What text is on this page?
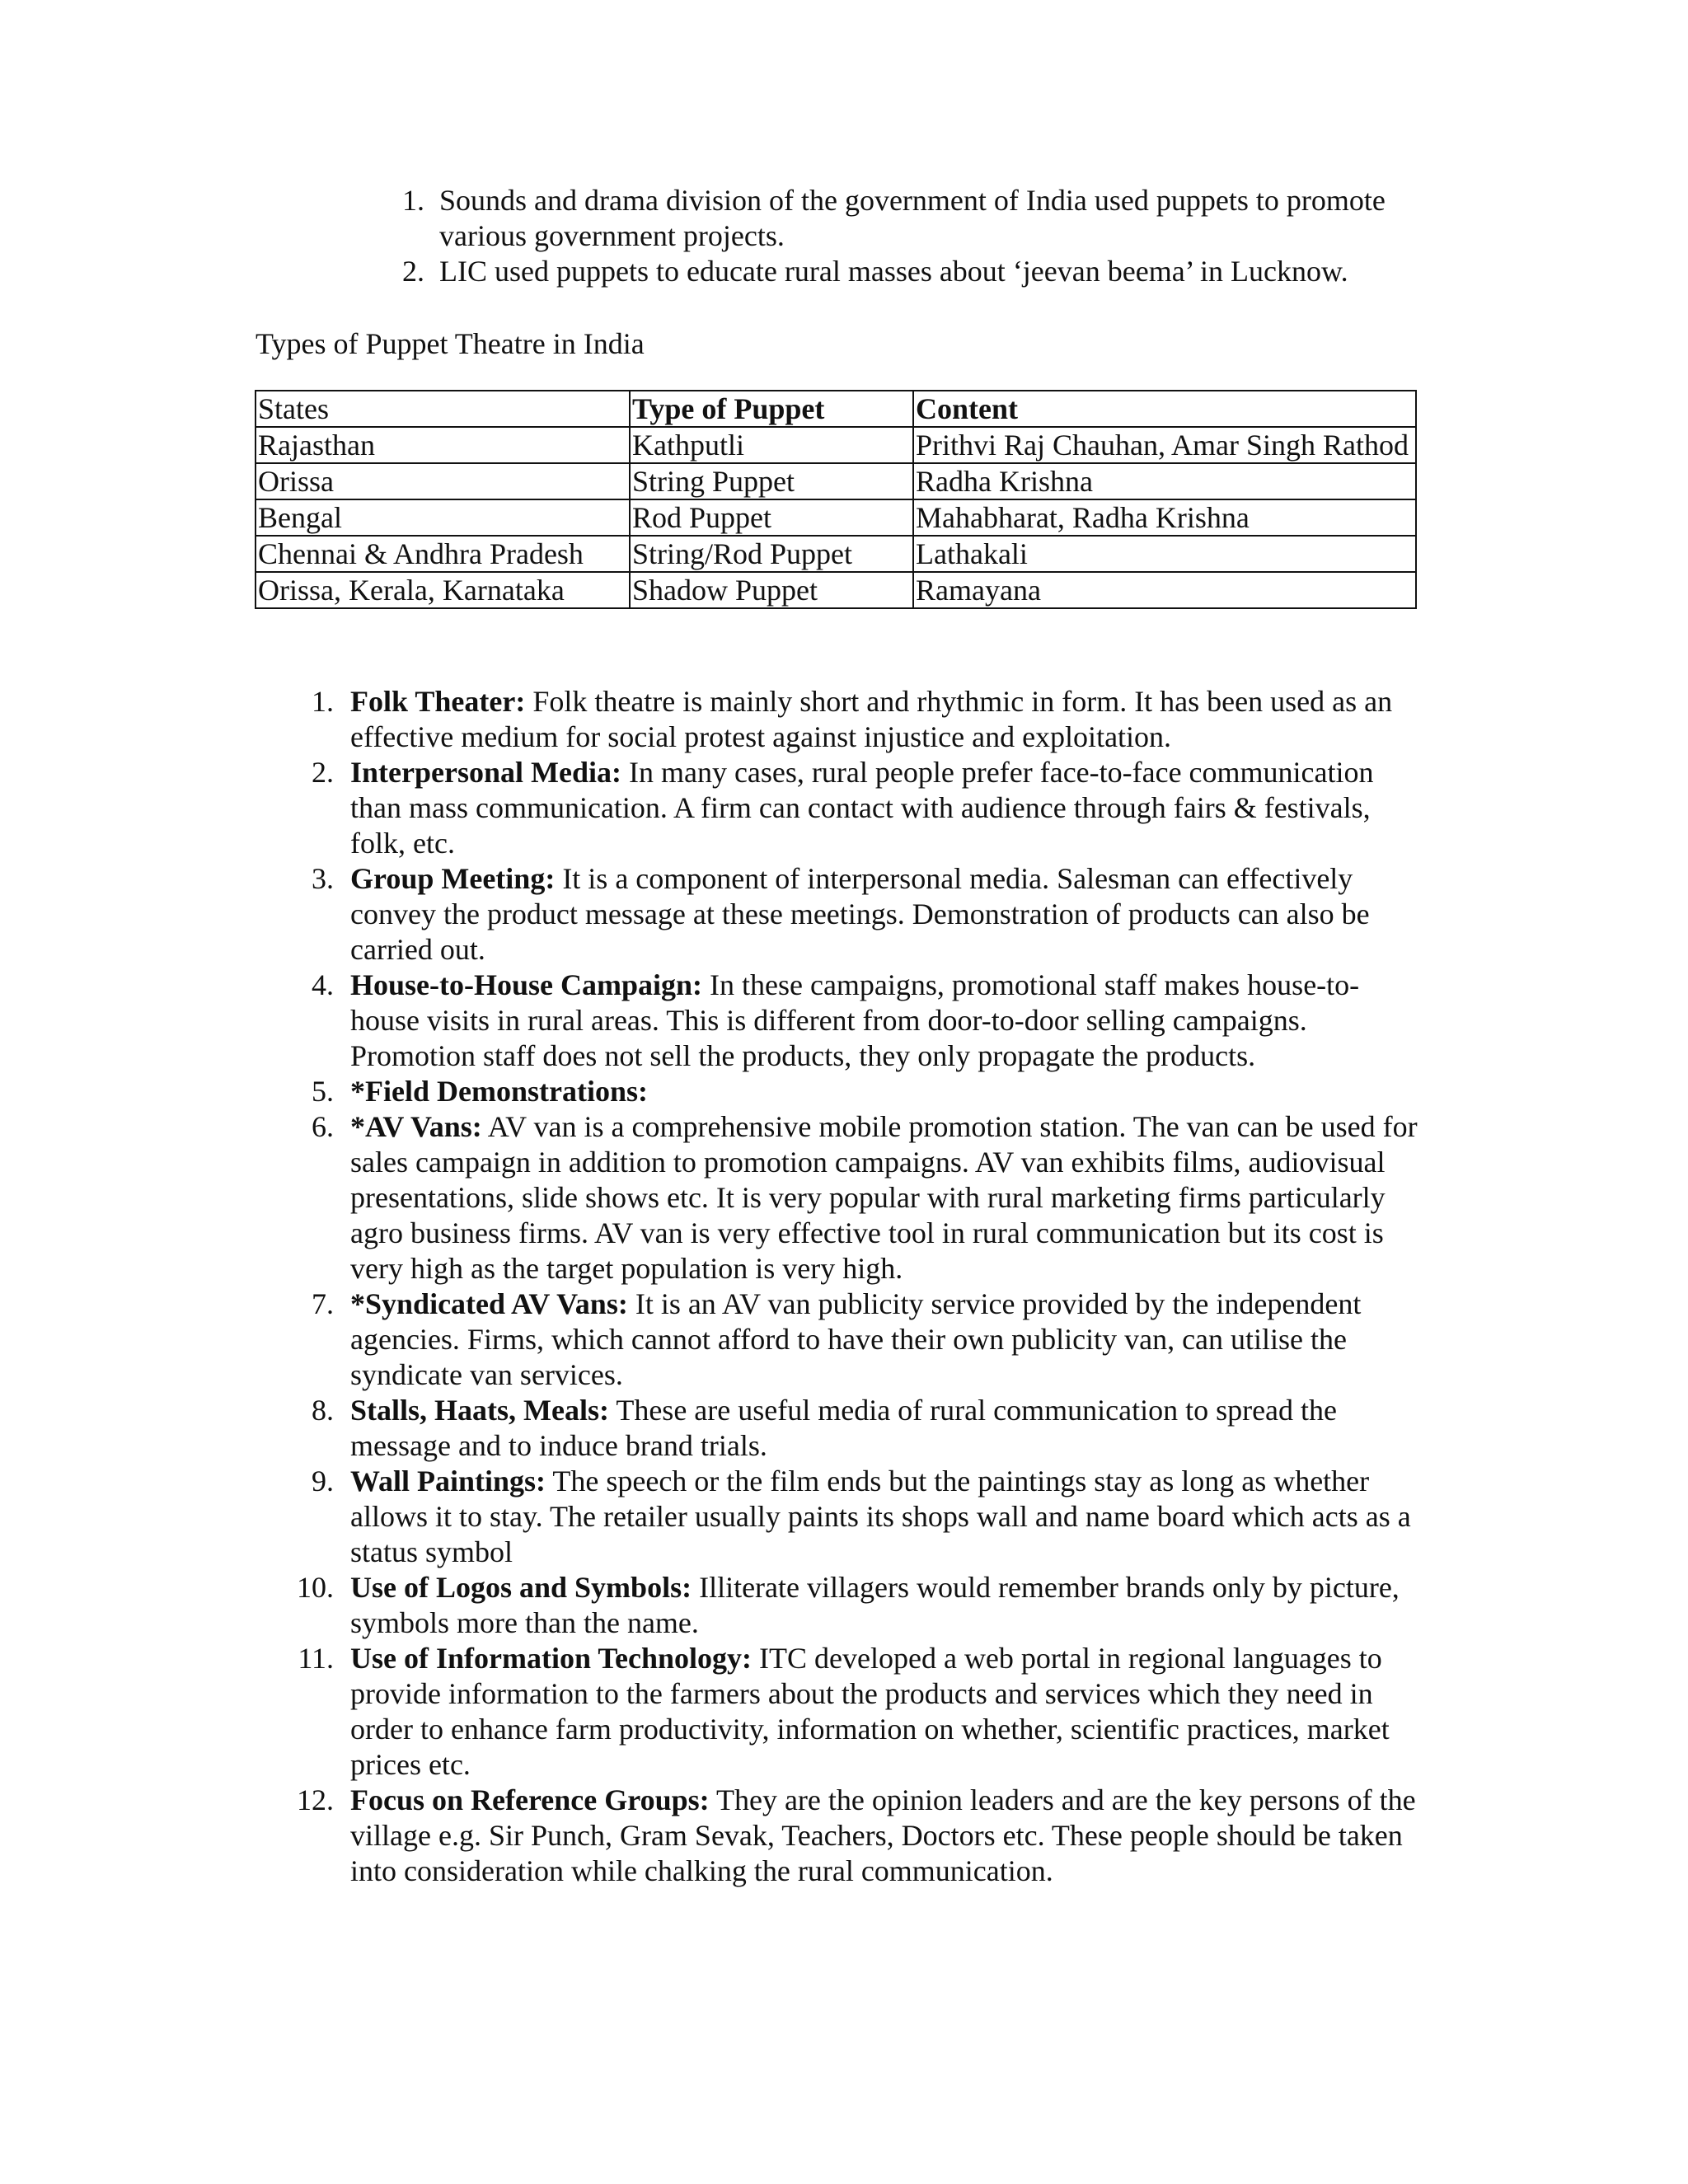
1. Sounds and drama division of the government of India used puppets to promote various government projects.
2. LIC used puppets to educate rural masses about ‘jeevan beema’ in Lucknow.
Types of Puppet Theatre in India
States	Type of Puppet	Content
Rajasthan	Kathputli	Prithvi Raj Chauhan, Amar Singh Rathod
Orissa	String Puppet	Radha Krishna
Bengal	Rod Puppet	Mahabharat, Radha Krishna
Chennai & Andhra Pradesh	String/Rod Puppet	Lathakali
Orissa, Kerala, Karnataka	Shadow Puppet	Ramayana
1. Folk Theater: Folk theatre is mainly short and rhythmic in form. It has been used as an effective medium for social protest against injustice and exploitation.
2. Interpersonal Media: In many cases, rural people prefer face-to-face communication than mass communication. A firm can contact with audience through fairs & festivals, folk, etc.
3. Group Meeting: It is a component of interpersonal media. Salesman can effectively convey the product message at these meetings. Demonstration of products can also be carried out.
4. House-to-House Campaign: In these campaigns, promotional staff makes house-to-house visits in rural areas. This is different from door-to-door selling campaigns. Promotion staff does not sell the products, they only propagate the products.
5. *Field Demonstrations:
6. *AV Vans: AV van is a comprehensive mobile promotion station. The van can be used for sales campaign in addition to promotion campaigns. AV van exhibits films, audiovisual presentations, slide shows etc. It is very popular with rural marketing firms particularly agro business firms. AV van is very effective tool in rural communication but its cost is very high as the target population is very high.
7. *Syndicated AV Vans: It is an AV van publicity service provided by the independent agencies. Firms, which cannot afford to have their own publicity van, can utilise the syndicate van services.
8. Stalls, Haats, Meals: These are useful media of rural communication to spread the message and to induce brand trials.
9. Wall Paintings: The speech or the film ends but the paintings stay as long as whether allows it to stay. The retailer usually paints its shops wall and name board which acts as a status symbol
10. Use of Logos and Symbols: Illiterate villagers would remember brands only by picture, symbols more than the name.
11. Use of Information Technology: ITC developed a web portal in regional languages to provide information to the farmers about the products and services which they need in order to enhance farm productivity, information on whether, scientific practices, market prices etc.
12. Focus on Reference Groups: They are the opinion leaders and are the key persons of the village e.g. Sir Punch, Gram Sevak, Teachers, Doctors etc. These people should be taken into consideration while chalking the rural communication.
